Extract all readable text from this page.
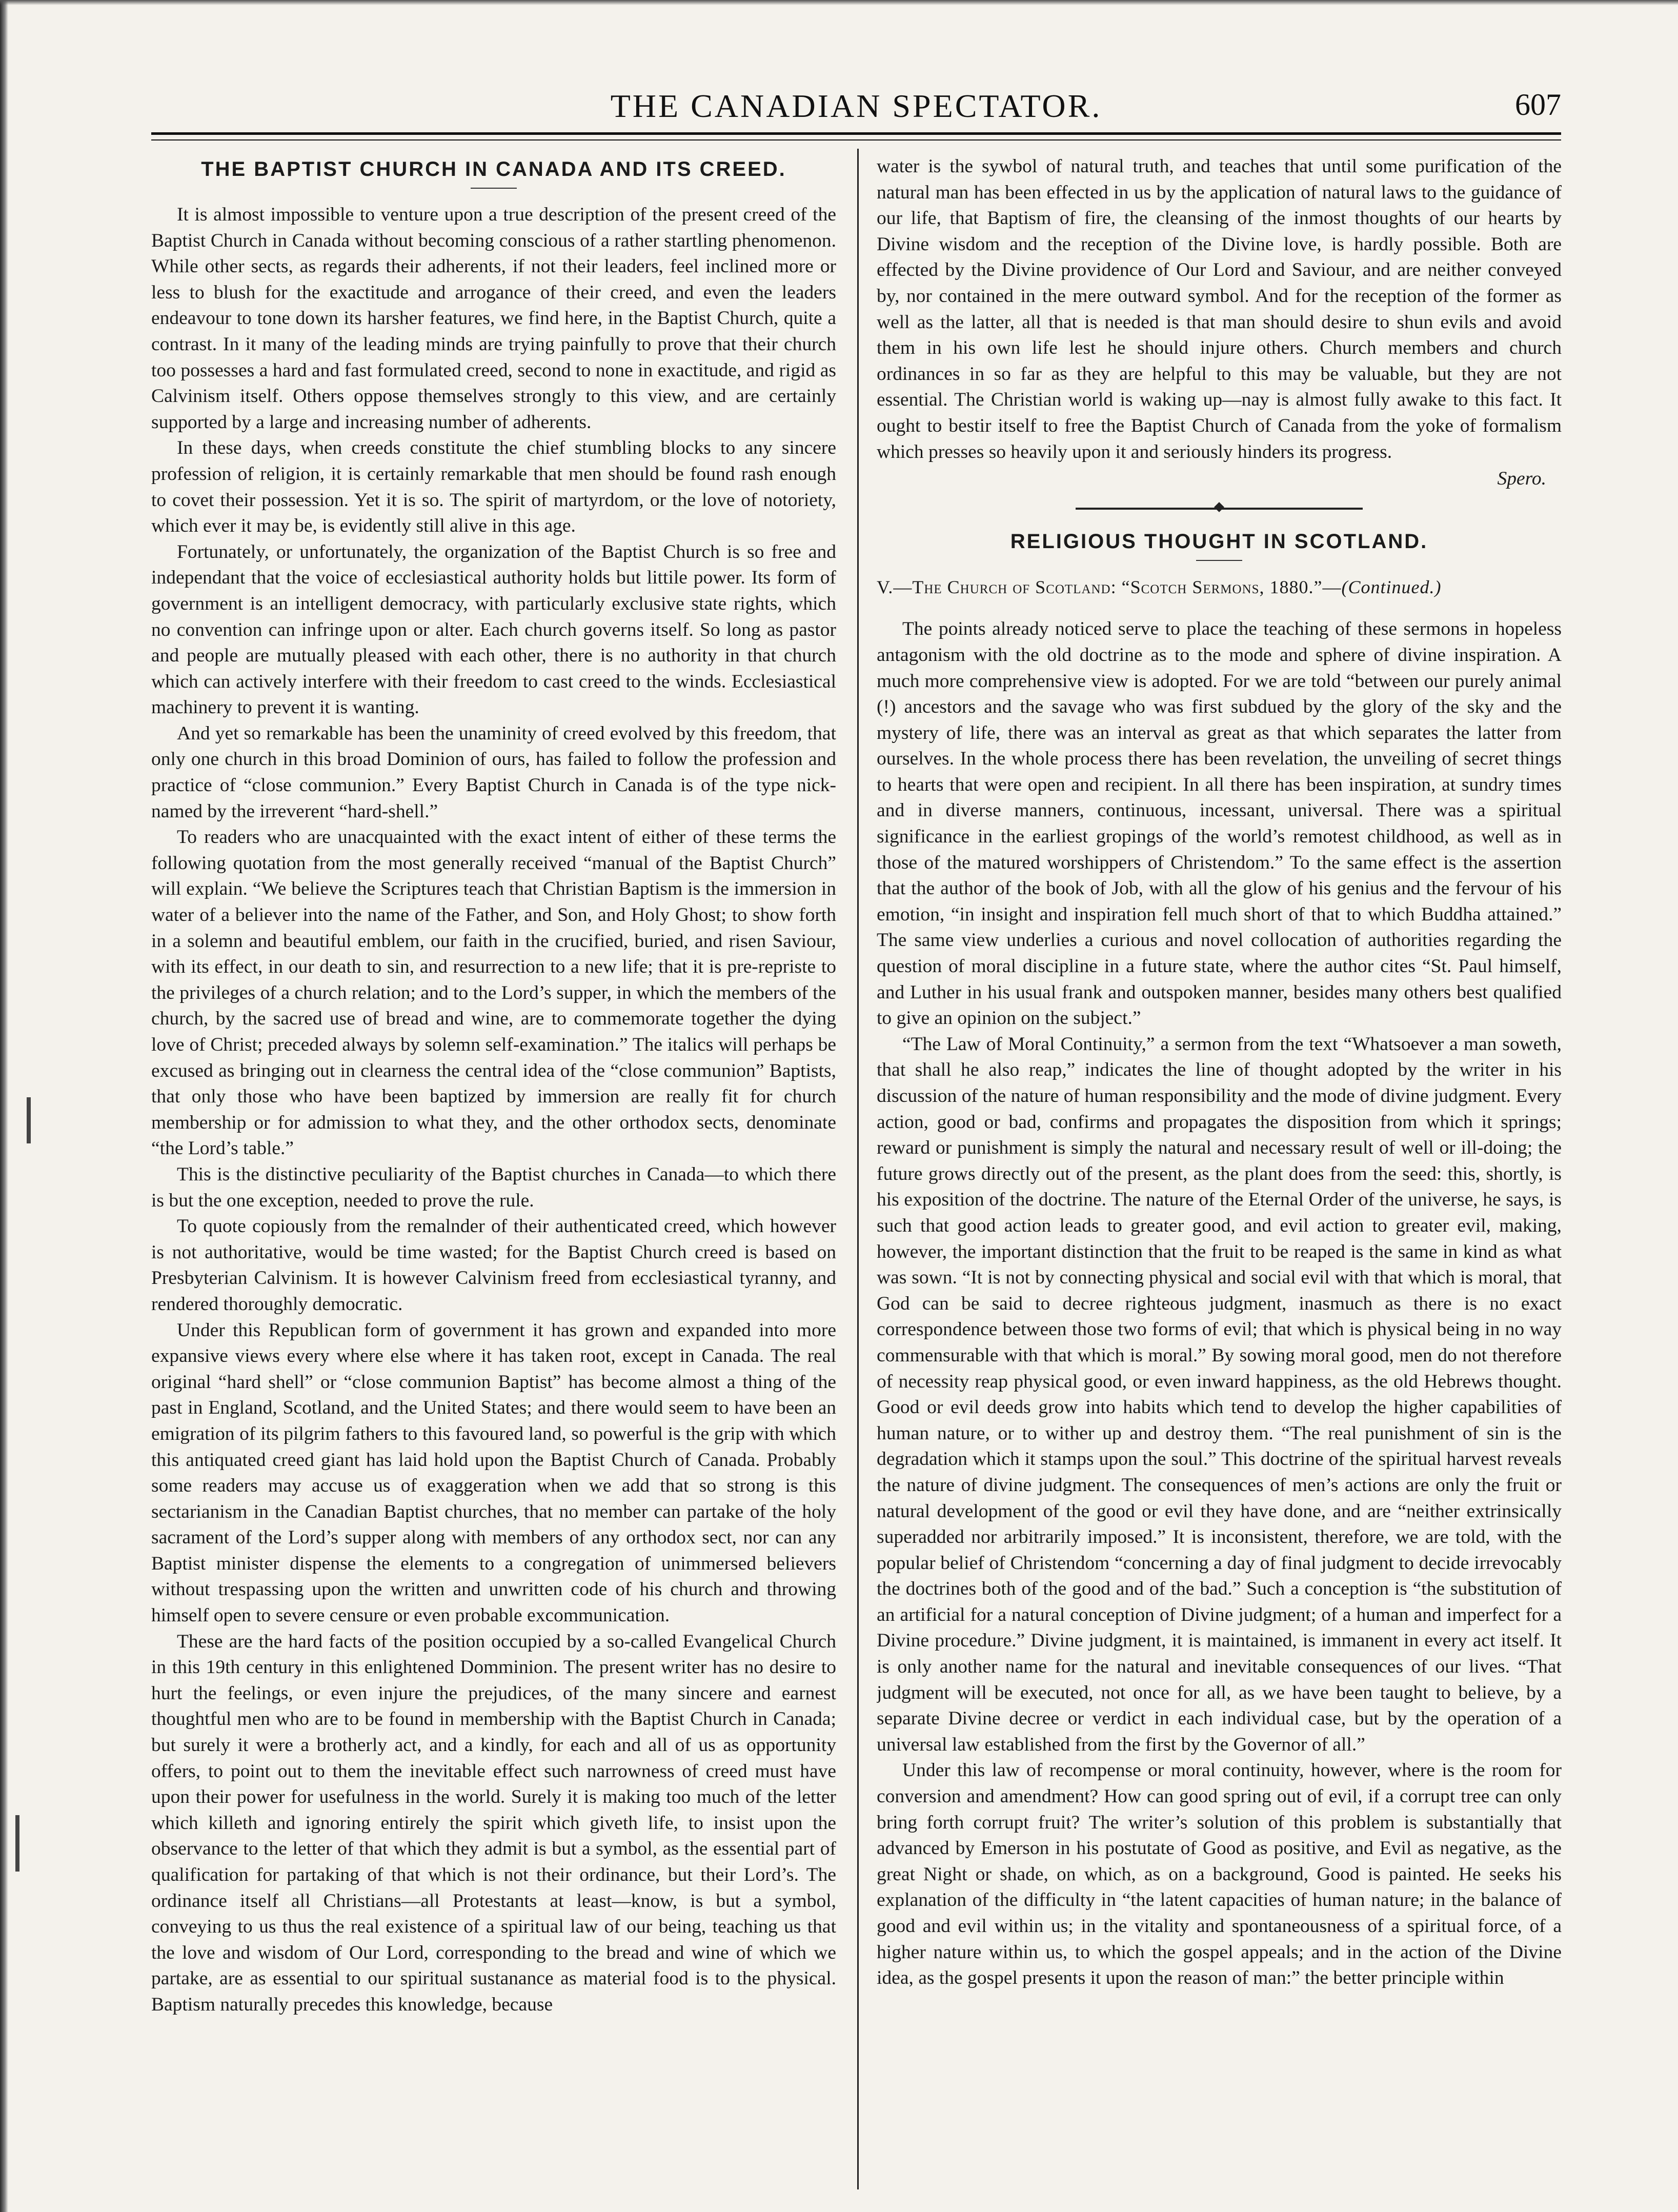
THE CANADIAN SPECTATOR.	607
THE BAPTIST CHURCH IN CANADA AND ITS CREED.

It is almost impossible to venture upon a true description of the present creed of the Baptist Church in Canada without becoming conscious of a rather startling phenomenon. While other sects, as regards their adherents, if not their leaders, feel inclined more or less to blush for the exactitude and arrogance of their creed, and even the leaders endeavour to tone down its harsher features, we find here, in the Baptist Church, quite a contrast. In it many of the leading minds are trying painfully to prove that their church too possesses a hard and fast formulated creed, second to none in exactitude, and rigid as Calvinism itself. Others oppose themselves strongly to this view, and are certainly supported by a large and increasing number of adherents.

In these days, when creeds constitute the chief stumbling blocks to any sincere profession of religion, it is certainly remarkable that men should be found rash enough to covet their possession. Yet it is so. The spirit of martyrdom, or the love of notoriety, which ever it may be, is evidently still alive in this age.

Fortunately, or unfortunately, the organization of the Baptist Church is so free and independant that the voice of ecclesiastical authority holds but littile power. Its form of government is an intelligent democracy, with particularly exclusive state rights, which no convention can infringe upon or alter. Each church governs itself. So long as pastor and people are mutually pleased with each other, there is no authority in that church which can actively interfere with their freedom to cast creed to the winds. Ecclesiastical machinery to prevent it is wanting.

And yet so remarkable has been the unaminity of creed evolved by this freedom, that only one church in this broad Dominion of ours, has failed to follow the profession and practice of “close communion.” Every Baptist Church in Canada is of the type nick-named by the irreverent “hard-shell.”

To readers who are unacquainted with the exact intent of either of these terms the following quotation from the most generally received “manual of the Baptist Church” will explain. “We believe the Scriptures teach that Christian Baptism is the immersion in water of a believer into the name of the Father, and Son, and Holy Ghost; to show forth in a solemn and beautiful emblem, our faith in the crucified, buried, and risen Saviour, with its effect, in our death to sin, and resurrection to a new life; that it is pre-repriste to the privileges of a church relation; and to the Lord’s supper, in which the members of the church, by the sacred use of bread and wine, are to commemorate together the dying love of Christ; preceded always by solemn self-examination.” The italics will perhaps be excused as bringing out in clearness the central idea of the “close communion” Baptists, that only those who have been baptized by immersion are really fit for church membership or for admission to what they, and the other orthodox sects, denominate “the Lord’s table.”

This is the distinctive peculiarity of the Baptist churches in Canada—to which there is but the one exception, needed to prove the rule.

To quote copiously from the remalnder of their authenticated creed, which however is not authoritative, would be time wasted; for the Baptist Church creed is based on Presbyterian Calvinism. It is however Calvinism freed from ecclesiastical tyranny, and rendered thoroughly democratic.

Under this Republican form of government it has grown and expanded into more expansive views every where else where it has taken root, except in Canada. The real original “hard shell” or “close communion Baptist” has become almost a thing of the past in England, Scotland, and the United States; and there would seem to have been an emigration of its pilgrim fathers to this favoured land, so powerful is the grip with which this antiquated creed giant has laid hold upon the Baptist Church of Canada. Probably some readers may accuse us of exaggeration when we add that so strong is this sectarianism in the Canadian Baptist churches, that no member can partake of the holy sacrament of the Lord’s supper along with members of any orthodox sect, nor can any Baptist minister dispense the elements to a congregation of unimmersed believers without trespassing upon the written and unwritten code of his church and throwing himself open to severe censure or even probable excommunication.

These are the hard facts of the position occupied by a so-called Evangelical Church in this 19th century in this enlightened Domminion. The present writer has no desire to hurt the feelings, or even injure the prejudices, of the many sincere and earnest thoughtful men who are to be found in membership with the Baptist Church in Canada; but surely it were a brotherly act, and a kindly, for each and all of us as opportunity offers, to point out to them the inevitable effect such narrowness of creed must have upon their power for usefulness in the world. Surely it is making too much of the letter which killeth and ignoring entirely the spirit which giveth life, to insist upon the observance to the letter of that which they admit is but a symbol, as the essential part of qualification for partaking of that which is not their ordinance, but their Lord’s. The ordinance itself all Christians—all Protestants at least—know, is but a symbol, conveying to us thus the real existence of a spiritual law of our being, teaching us that the love and wisdom of Our Lord, corresponding to the bread and wine of which we partake, are as essential to our spiritual sustanance as material food is to the physical. Baptism naturally precedes this knowledge, because

water is the sywbol of natural truth, and teaches that until some purification of the natural man has been effected in us by the application of natural laws to the guidance of our life, that Baptism of fire, the cleansing of the inmost thoughts of our hearts by Divine wisdom and the reception of the Divine love, is hardly possible. Both are effected by the Divine providence of Our Lord and Saviour, and are neither conveyed by, nor contained in the mere outward symbol. And for the reception of the former as well as the latter, all that is needed is that man should desire to shun evils and avoid them in his own life lest he should injure others. Church members and church ordinances in so far as they are helpful to this may be valuable, but they are not essential. The Christian world is waking up—nay is almost fully awake to this fact. It ought to bestir itself to free the Baptist Church of Canada from the yoke of formalism which presses so heavily upon it and seriously hinders its progress.

Spero.
RELIGIOUS THOUGHT IN SCOTLAND.

V.—The Church of Scotland: “Scotch Sermons, 1880.”—(Continued.)

The points already noticed serve to place the teaching of these sermons in hopeless antagonism with the old doctrine as to the mode and sphere of divine inspiration. A much more comprehensive view is adopted. For we are told “between our purely animal (!) ancestors and the savage who was first subdued by the glory of the sky and the mystery of life, there was an interval as great as that which separates the latter from ourselves. In the whole process there has been revelation, the unveiling of secret things to hearts that were open and recipient. In all there has been inspiration, at sundry times and in diverse manners, continuous, incessant, universal. There was a spiritual significance in the earliest gropings of the world’s remotest childhood, as well as in those of the matured worshippers of Christendom.” To the same effect is the assertion that the author of the book of Job, with all the glow of his genius and the fervour of his emotion, “in insight and inspiration fell much short of that to which Buddha attained.” The same view underlies a curious and novel collocation of authorities regarding the question of moral discipline in a future state, where the author cites “St. Paul himself, and Luther in his usual frank and outspoken manner, besides many others best qualified to give an opinion on the subject.”

“The Law of Moral Continuity,” a sermon from the text “Whatsoever a man soweth, that shall he also reap,” indicates the line of thought adopted by the writer in his discussion of the nature of human responsibility and the mode of divine judgment. Every action, good or bad, confirms and propagates the disposition from which it springs; reward or punishment is simply the natural and necessary result of well or ill-doing; the future grows directly out of the present, as the plant does from the seed: this, shortly, is his exposition of the doctrine. The nature of the Eternal Order of the universe, he says, is such that good action leads to greater good, and evil action to greater evil, making, however, the important distinction that the fruit to be reaped is the same in kind as what was sown. “It is not by connecting physical and social evil with that which is moral, that God can be said to decree righteous judgment, inasmuch as there is no exact correspondence between those two forms of evil; that which is physical being in no way commensurable with that which is moral.” By sowing moral good, men do not therefore of necessity reap physical good, or even inward happiness, as the old Hebrews thought. Good or evil deeds grow into habits which tend to develop the higher capabilities of human nature, or to wither up and destroy them. “The real punishment of sin is the degradation which it stamps upon the soul.” This doctrine of the spiritual harvest reveals the nature of divine judgment. The consequences of men’s actions are only the fruit or natural development of the good or evil they have done, and are “neither extrinsically superadded nor arbitrarily imposed.” It is inconsistent, therefore, we are told, with the popular belief of Christendom “concerning a day of final judgment to decide irrevocably the doctrines both of the good and of the bad.” Such a conception is “the substitution of an artificial for a natural conception of Divine judgment; of a human and imperfect for a Divine procedure.” Divine judgment, it is maintained, is immanent in every act itself. It is only another name for the natural and inevitable consequences of our lives. “That judgment will be executed, not once for all, as we have been taught to believe, by a separate Divine decree or verdict in each individual case, but by the operation of a universal law established from the first by the Governor of all.”

Under this law of recompense or moral continuity, however, where is the room for conversion and amendment? How can good spring out of evil, if a corrupt tree can only bring forth corrupt fruit? The writer’s solution of this problem is substantially that advanced by Emerson in his postutate of Good as positive, and Evil as negative, as the great Night or shade, on which, as on a background, Good is painted. He seeks his explanation of the difficulty in “the latent capacities of human nature; in the balance of good and evil within us; in the vitality and spontaneousness of a spiritual force, of a higher nature within us, to which the gospel appeals; and in the action of the Divine idea, as the gospel presents it upon the reason of man:” the better principle within
